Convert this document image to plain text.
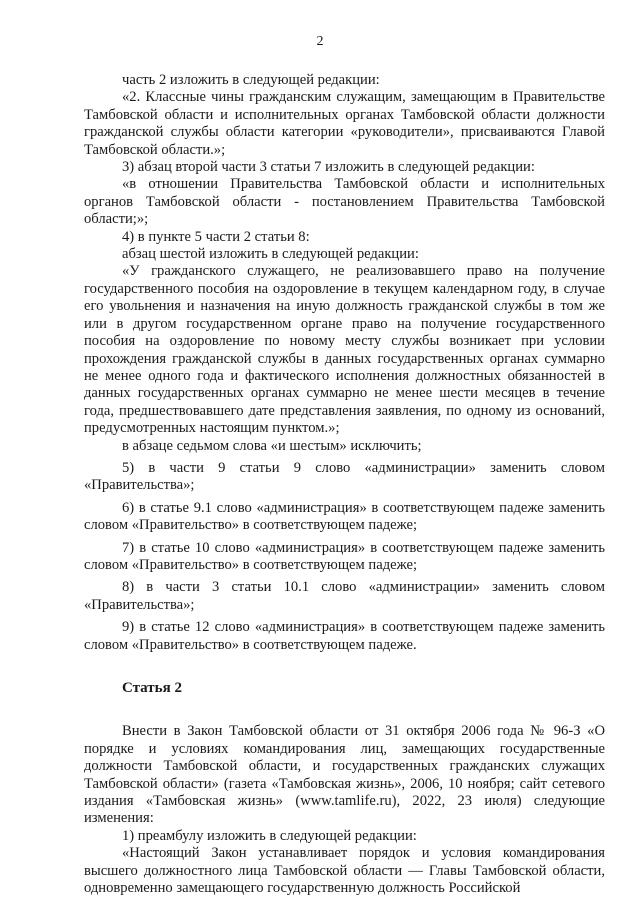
2

часть 2 изложить в следующей редакции:

«2. Классные чины гражданским служащим, замещающим в Правительстве Тамбовской области и исполнительных органах Тамбовской области должности гражданской службы области категории «руководители», присваиваются Главой Тамбовской области.»;

3) абзац второй части 3 статьи 7 изложить в следующей редакции:

«в отношении Правительства Тамбовской области и исполнительных органов Тамбовской области - постановлением Правительства Тамбовской области;»;

4) в пункте 5 части 2 статьи 8:

абзац шестой изложить в следующей редакции:

«У гражданского служащего, не реализовавшего право на получение государственного пособия на оздоровление в текущем календарном году, в случае его увольнения и назначения на иную должность гражданской службы в том же или в другом государственном органе право на получение государственного пособия на оздоровление по новому месту службы возникает при условии прохождения гражданской службы в данных государственных органах суммарно не менее одного года и фактического исполнения должностных обязанностей в данных государственных органах суммарно не менее шести месяцев в течение года, предшествовавшего дате представления заявления, по одному из оснований, предусмотренных настоящим пунктом.»;

в абзаце седьмом слова «и шестым» исключить;

5) в части 9 статьи 9 слово «администрации» заменить словом «Правительства»;

6) в статье 9.1 слово «администрация» в соответствующем падеже заменить словом «Правительство» в соответствующем падеже;

7) в статье 10 слово «администрация» в соответствующем падеже заменить словом «Правительство» в соответствующем падеже;

8) в части 3 статьи 10.1 слово «администрации» заменить словом «Правительства»;

9) в статье 12 слово «администрация» в соответствующем падеже заменить словом «Правительство» в соответствующем падеже.

Статья 2

Внести в Закон Тамбовской области от 31 октября 2006 года № 96-З «О порядке и условиях командирования лиц, замещающих государственные должности Тамбовской области, и государственных гражданских служащих Тамбовской области» (газета «Тамбовская жизнь», 2006, 10 ноября; сайт сетевого издания «Тамбовская жизнь» (www.tamlife.ru), 2022, 23 июля) следующие изменения:

1) преамбулу изложить в следующей редакции:

«Настоящий Закон устанавливает порядок и условия командирования высшего должностного лица Тамбовской области — Главы Тамбовской области, одновременно замещающего государственную должность Российской
